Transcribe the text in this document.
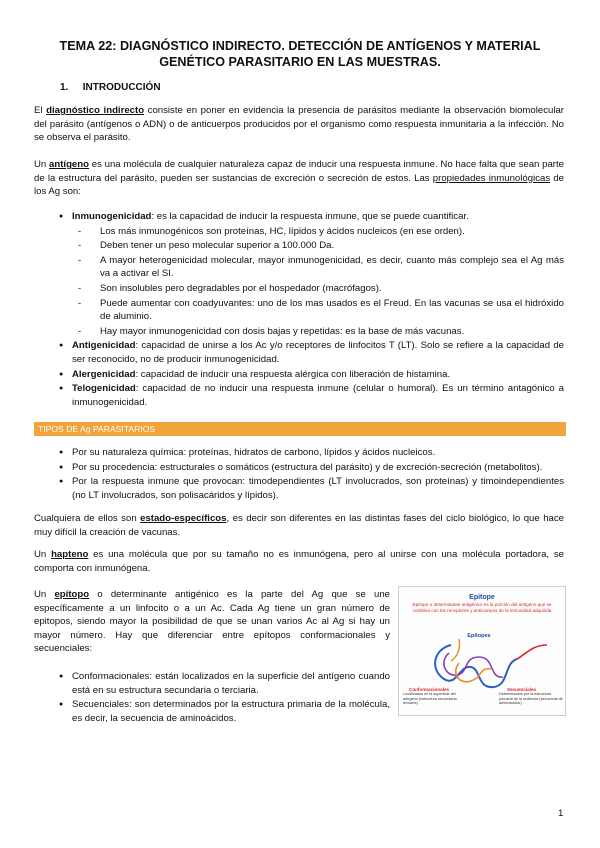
TEMA 22: DIAGNÓSTICO INDIRECTO. DETECCIÓN DE ANTÍGENOS Y MATERIAL GENÉTICO PARASITARIO EN LAS MUESTRAS.
1. INTRODUCCIÓN

El diagnóstico indirecto consiste en poner en evidencia la presencia de parásitos mediante la observación biomolecular del parásito (antígenos o ADN) o de anticuerpos producidos por el organismo como respuesta inmunitaria a la infección. No se observa el parásito.

Un antígeno es una molécula de cualquier naturaleza capaz de inducir una respuesta inmune. No hace falta que sean parte de la estructura del parásito, pueden ser sustancias de excreción o secreción de estos. Las propiedades inmunológicas de los Ag son:

● Inmunogenicidad: es la capacidad de inducir la respuesta inmune, que se puede cuantificar.
- Los más inmunogénicos son proteínas, HC, lípidos y ácidos nucleicos (en ese orden).
- Deben tener un peso molecular superior a 100.000 Da.
- A mayor heterogenicidad molecular, mayor inmunogenicidad, es decir, cuanto más complejo sea el Ag más va a activar el SI.
- Son insolubles pero degradables por el hospedador (macrófagos).
- Puede aumentar con coadyuvantes: uno de los mas usados es el Freud. En las vacunas se usa el hidróxido de aluminio.
- Hay mayor inmunogenicidad con dosis bajas y repetidas: es la base de más vacunas.
● Antigenicidad: capacidad de unirse a los Ac y/o receptores de linfocitos T (LT). Solo se refiere a la capacidad de ser reconocido, no de producir inmunogenicidad.
● Alergenicidad: capacidad de inducir una respuesta alérgica con liberación de histamina.
● Telogenicidad: capacidad de no inducir una respuesta inmune (celular o humoral). Es un término antagónico a inmunogenicidad.
TIPOS DE Ag PARASITARIOS
● Por su naturaleza química: proteínas, hidratos de carbono, lípidos y ácidos nucleicos.
● Por su procedencia: estructurales o somáticos (estructura del parásito) y de excreción-secreción (metabolitos).
● Por la respuesta inmune que provocan: timodependientes (LT involucrados, son proteínas) y timoindependientes (no LT involucrados, son polisacáridos y lípidos).

Cualquiera de ellos son estado-específicos, es decir son diferentes en las distintas fases del ciclo biológico, lo que hace muy difícil la creación de vacunas.

Un hapteno es una molécula que por su tamaño no es inmunógena, pero al unirse con una molécula portadora, se comporta con inmunógena.

Un epítopo o determinante antigénico es la parte del Ag que se une específicamente a un linfocito o a un Ac. Cada Ag tiene un gran número de epitopos, siendo mayor la posibilidad de que se unan varios Ac al Ag si hay un mayor número. Hay que diferenciar entre epítopos conformacionales y secuenciales:

● Conformacionales: están localizados en la superficie del antígeno cuando está en su estructura secundaria o terciaria.
● Secuenciales: son determinados por la estructura primaria de la molécula, es decir, la secuencia de aminoácidos.
Epitope
Epítope o determinante antigénico es la porción del antígeno que se combina con los receptores y anticuerpos de la inmunidad adquirida
Epítopes
Conformacionales
Localizados en la superficie del antígeno (estructura secundaria, terciaria)
Secuenciales
Determinados por la estructura primaria de la molécula (secuencia de aminoácidos)
1
